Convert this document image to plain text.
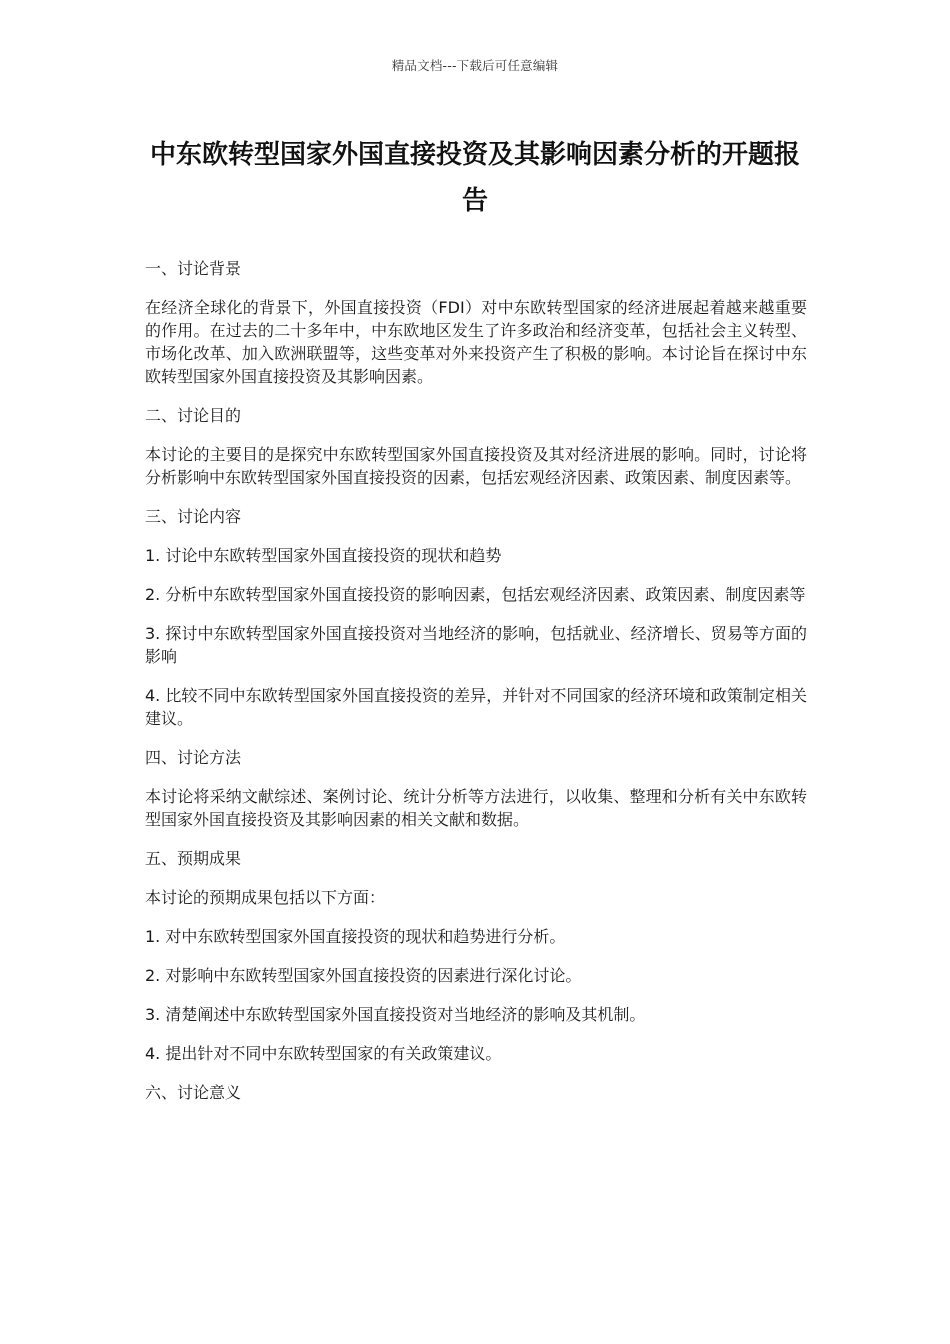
精品文档---下载后可任意编辑
中东欧转型国家外国直接投资及其影响因素分析的开题报告

一、讨论背景

在经济全球化的背景下，外国直接投资（FDI）对中东欧转型国家的经济进展起着越来越重要的作用。在过去的二十多年中，中东欧地区发生了许多政治和经济变革，包括社会主义转型、市场化改革、加入欧洲联盟等，这些变革对外来投资产生了积极的影响。本讨论旨在探讨中东欧转型国家外国直接投资及其影响因素。

二、讨论目的

本讨论的主要目的是探究中东欧转型国家外国直接投资及其对经济进展的影响。同时，讨论将分析影响中东欧转型国家外国直接投资的因素，包括宏观经济因素、政策因素、制度因素等。

三、讨论内容

1. 讨论中东欧转型国家外国直接投资的现状和趋势

2. 分析中东欧转型国家外国直接投资的影响因素，包括宏观经济因素、政策因素、制度因素等

3. 探讨中东欧转型国家外国直接投资对当地经济的影响，包括就业、经济增长、贸易等方面的影响

4. 比较不同中东欧转型国家外国直接投资的差异，并针对不同国家的经济环境和政策制定相关建议。

四、讨论方法

本讨论将采纳文献综述、案例讨论、统计分析等方法进行，以收集、整理和分析有关中东欧转型国家外国直接投资及其影响因素的相关文献和数据。

五、预期成果

本讨论的预期成果包括以下方面：

1. 对中东欧转型国家外国直接投资的现状和趋势进行分析。

2. 对影响中东欧转型国家外国直接投资的因素进行深化讨论。

3. 清楚阐述中东欧转型国家外国直接投资对当地经济的影响及其机制。

4. 提出针对不同中东欧转型国家的有关政策建议。

六、讨论意义
